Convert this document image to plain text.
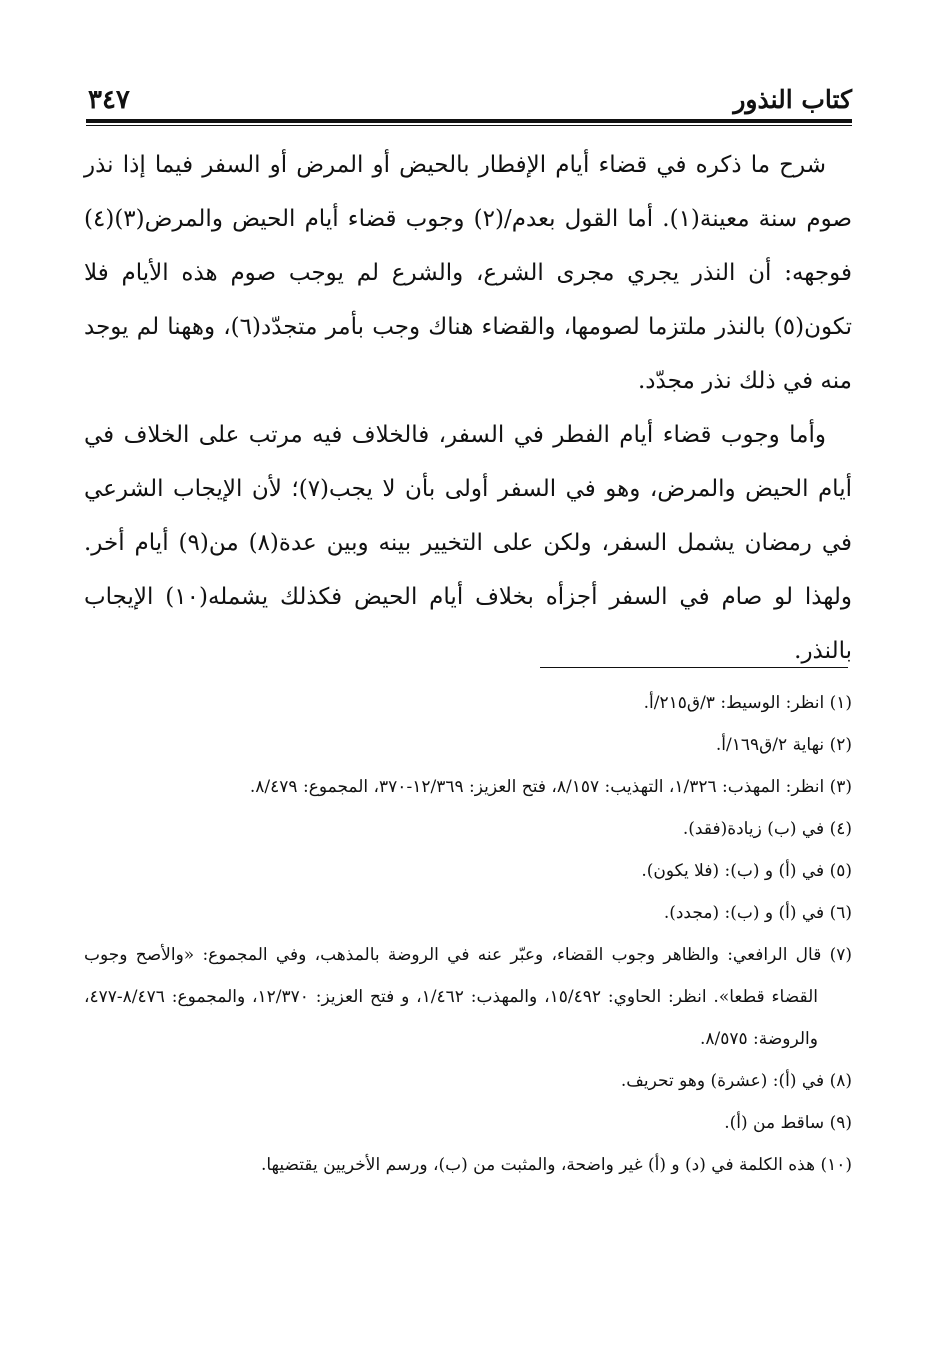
كتاب النذور
٣٤٧

شرح ما ذكره في قضاء أيام الإفطار بالحيض أو المرض أو السفر فيما إذا نذر صوم سنة معينة(١). أما القول بعدم/(٢) وجوب قضاء أيام الحيض والمرض(٣)(٤) فوجهه: أن النذر يجري مجرى الشرع، والشرع لم يوجب صوم هذه الأيام فلا تكون(٥) بالنذر ملتزما لصومها، والقضاء هناك وجب بأمر متجدّد(٦)، وههنا لم يوجد منه في ذلك نذر مجدّد.

وأما وجوب قضاء أيام الفطر في السفر، فالخلاف فيه مرتب على الخلاف في أيام الحيض والمرض، وهو في السفر أولى بأن لا يجب(٧)؛ لأن الإيجاب الشرعي في رمضان يشمل السفر، ولكن على التخيير بينه وبين عدة(٨) من(٩) أيام أخر. ولهذا لو صام في السفر أجزأه بخلاف أيام الحيض فكذلك يشمله(١٠) الإيجاب بالنذر.

(١) انظر: الوسيط: ٣/ق٢١٥/أ.

(٢) نهاية ٢/ق١٦٩/أ.

(٣) انظر: المهذب: ١/٣٢٦، التهذيب: ٨/١٥٧، فتح العزيز: ١٢/٣٦٩-٣٧٠، المجموع: ٨/٤٧٩.

(٤) في (ب) زيادة(فقد).

(٥) في (أ) و (ب): (فلا يكون).

(٦) في (أ) و (ب): (مجدد).

(٧) قال الرافعي: والظاهر وجوب القضاء، وعبّر عنه في الروضة بالمذهب، وفي المجموع: «والأصح وجوب القضاء قطعا». انظر: الحاوي: ١٥/٤٩٢، والمهذب: ١/٤٦٢، و فتح العزيز: ١٢/٣٧٠، والمجموع: ٨/٤٧٦-٤٧٧، والروضة: ٨/٥٧٥.

(٨) في (أ): (عشرة) وهو تحريف.

(٩) ساقط من (أ).

(١٠) هذه الكلمة في (د) و (أ) غير واضحة، والمثبت من (ب)، ورسم الأخريين يقتضيها.
